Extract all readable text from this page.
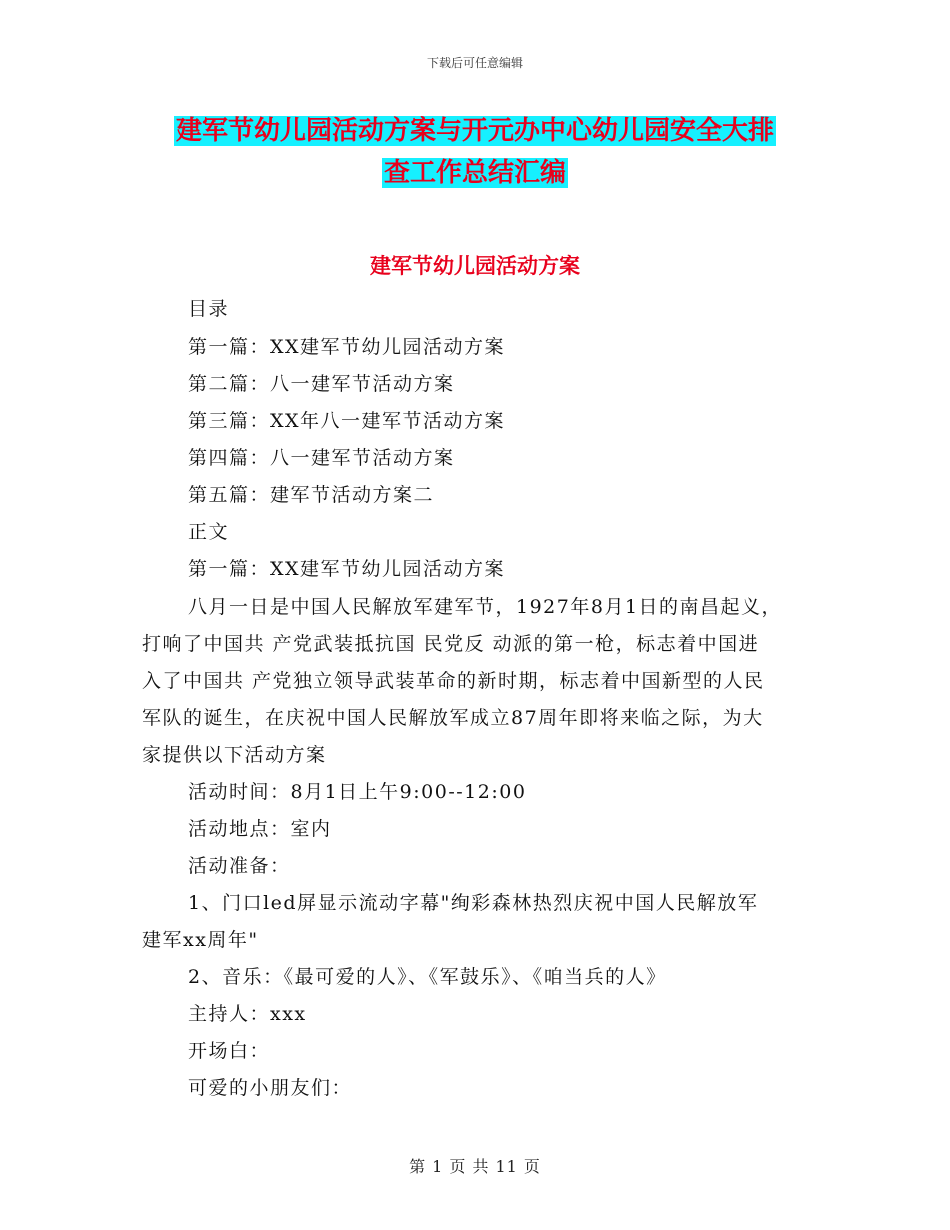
下载后可任意编辑
建军节幼儿园活动方案与开元办中心幼儿园安全大排
查工作总结汇编
建军节幼儿园活动方案
目录
第一篇：XX建军节幼儿园活动方案
第二篇：八一建军节活动方案
第三篇：XX年八一建军节活动方案
第四篇：八一建军节活动方案
第五篇：建军节活动方案二
正文
第一篇：XX建军节幼儿园活动方案
八月一日是中国人民解放军建军节，1927年8月1日的南昌起义，
打响了中国共 产党武装抵抗国 民党反 动派的第一枪，标志着中国进
入了中国共 产党独立领导武装革命的新时期，标志着中国新型的人民
军队的诞生，在庆祝中国人民解放军成立87周年即将来临之际，为大
家提供以下活动方案
活动时间：8月1日上午9:00--12:00
活动地点：室内
活动准备：
1、门口led屏显示流动字幕"绚彩森林热烈庆祝中国人民解放军
建军xx周年"
2、音乐：《最可爱的人》、《军鼓乐》、《咱当兵的人》
主持人：xxx
开场白：
可爱的小朋友们：
第 1 页 共 11 页
